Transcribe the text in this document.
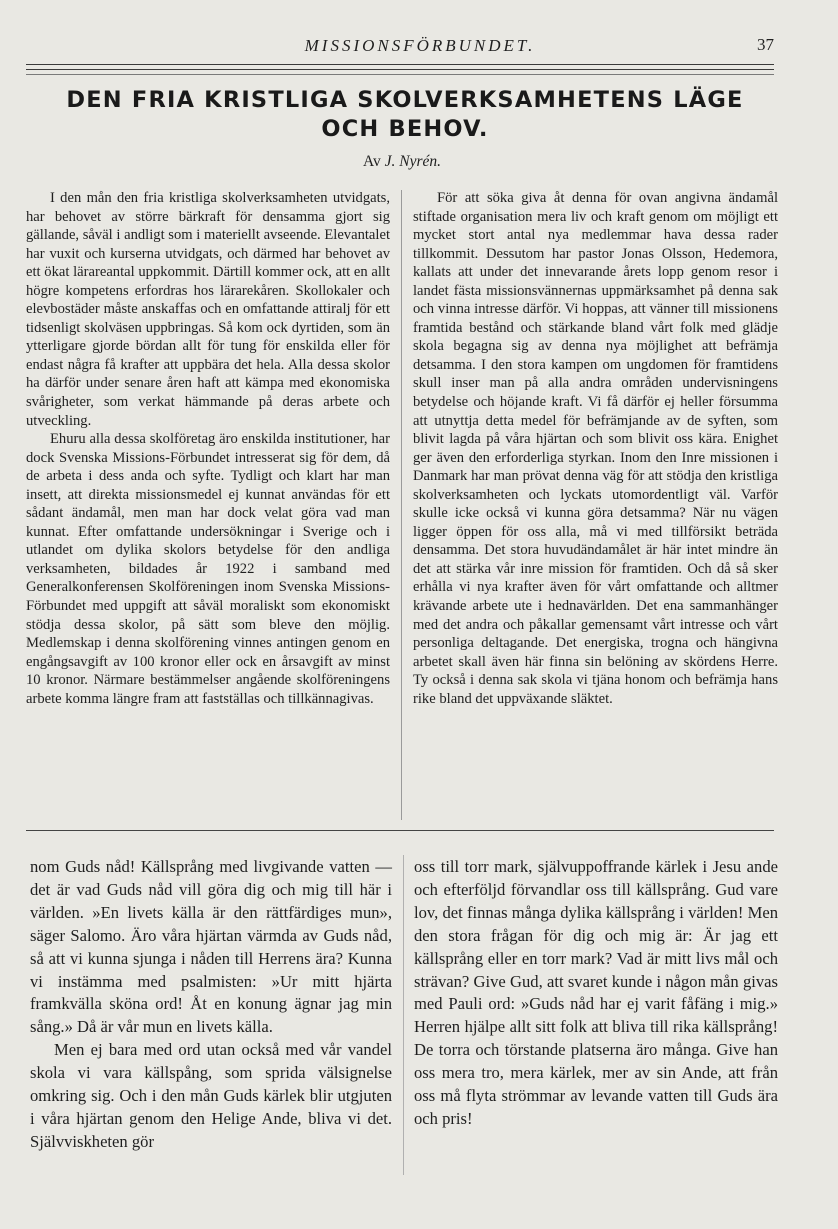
MISSIONSFÖRBUNDET.	37
DEN FRIA KRISTLIGA SKOLVERKSAMHETENS LÄGE
OCH BEHOV.
Av J. Nyrén.

I den mån den fria kristliga skolverksamheten utvidgats, har behovet av större bärkraft för densamma gjort sig gällande, såväl i andligt som i materiellt avseende. Elevantalet har vuxit och kurserna utvidgats, och därmed har behovet av ett ökat lärareantal uppkommit. Därtill kommer ock, att en allt högre kompetens erfordras hos lärarekåren. Skollokaler och elevbostäder måste anskaffas och en omfattande attiralj för ett tidsenligt skolväsen uppbringas. Så kom ock dyrtiden, som än ytterligare gjorde bördan allt för tung för enskilda eller för endast några få krafter att uppbära det hela. Alla dessa skolor ha därför under senare åren haft att kämpa med ekonomiska svårigheter, som verkat hämmande på deras arbete och utveckling.

Ehuru alla dessa skolföretag äro enskilda institutioner, har dock Svenska Missions-Förbundet intresserat sig för dem, då de arbeta i dess anda och syfte. Tydligt och klart har man insett, att direkta missionsmedel ej kunnat användas för ett sådant ändamål, men man har dock velat göra vad man kunnat. Efter omfattande undersökningar i Sverige och i utlandet om dylika skolors betydelse för den andliga verksamheten, bildades år 1922 i samband med Generalkonferensen Skolföreningen inom Svenska Missions-Förbundet med uppgift att såväl moraliskt som ekonomiskt stödja dessa skolor, på sätt som bleve den möjlig. Medlemskap i denna skolförening vinnes antingen genom en engångsavgift av 100 kronor eller ock en årsavgift av minst 10 kronor. Närmare bestämmelser angående skolföreningens arbete komma längre fram att fastställas och tillkännagivas.

För att söka giva åt denna för ovan angivna ändamål stiftade organisation mera liv och kraft genom om möjligt ett mycket stort antal nya medlemmar hava dessa rader tillkommit. Dessutom har pastor Jonas Olsson, Hedemora, kallats att under det innevarande årets lopp genom resor i landet fästa missionsvännernas uppmärksamhet på denna sak och vinna intresse därför. Vi hoppas, att vänner till missionens framtida bestånd och stärkande bland vårt folk med glädje skola begagna sig av denna nya möjlighet att befrämja detsamma. I den stora kampen om ungdomen för framtidens skull inser man på alla andra områden undervisningens betydelse och höjande kraft. Vi få därför ej heller försumma att utnyttja detta medel för befrämjande av de syften, som blivit lagda på våra hjärtan och som blivit oss kära. Enighet ger även den erforderliga styrkan. Inom den Inre missionen i Danmark har man prövat denna väg för att stödja den kristliga skolverksamheten och lyckats utomordentligt väl. Varför skulle icke också vi kunna göra detsamma? När nu vägen ligger öppen för oss alla, må vi med tillförsikt beträda densamma. Det stora huvudändamålet är här intet mindre än det att stärka vår inre mission för framtiden. Och då så sker erhålla vi nya krafter även för vårt omfattande och alltmer krävande arbete ute i hednavärlden. Det ena sammanhänger med det andra och påkallar gemensamt vårt intresse och vårt personliga deltagande. Det energiska, trogna och hängivna arbetet skall även här finna sin belöning av skördens Herre. Ty också i denna sak skola vi tjäna honom och befrämja hans rike bland det uppväxande släktet.

nom Guds nåd! Källsprång med livgivande vatten — det är vad Guds nåd vill göra dig och mig till här i världen. »En livets källa är den rättfärdiges mun», säger Salomo. Äro våra hjärtan värmda av Guds nåd, så att vi kunna sjunga i nåden till Herrens ära? Kunna vi instämma med psalmisten: »Ur mitt hjärta framkvälla sköna ord! Åt en konung ägnar jag min sång.» Då är vår mun en livets källa.

Men ej bara med ord utan också med vår vandel skola vi vara källspång, som sprida välsignelse omkring sig. Och i den mån Guds kärlek blir utgjuten i våra hjärtan genom den Helige Ande, bliva vi det. Självviskheten gör

oss till torr mark, självuppoffrande kärlek i Jesu ande och efterföljd förvandlar oss till källsprång. Gud vare lov, det finnas många dylika källsprång i världen! Men den stora frågan för dig och mig är: Är jag ett källsprång eller en torr mark? Vad är mitt livs mål och strävan? Give Gud, att svaret kunde i någon mån givas med Pauli ord: »Guds nåd har ej varit fåfäng i mig.» Herren hjälpe allt sitt folk att bliva till rika källsprång! De torra och törstande platserna äro många. Give han oss mera tro, mera kärlek, mer av sin Ande, att från oss må flyta strömmar av levande vatten till Guds ära och pris!
